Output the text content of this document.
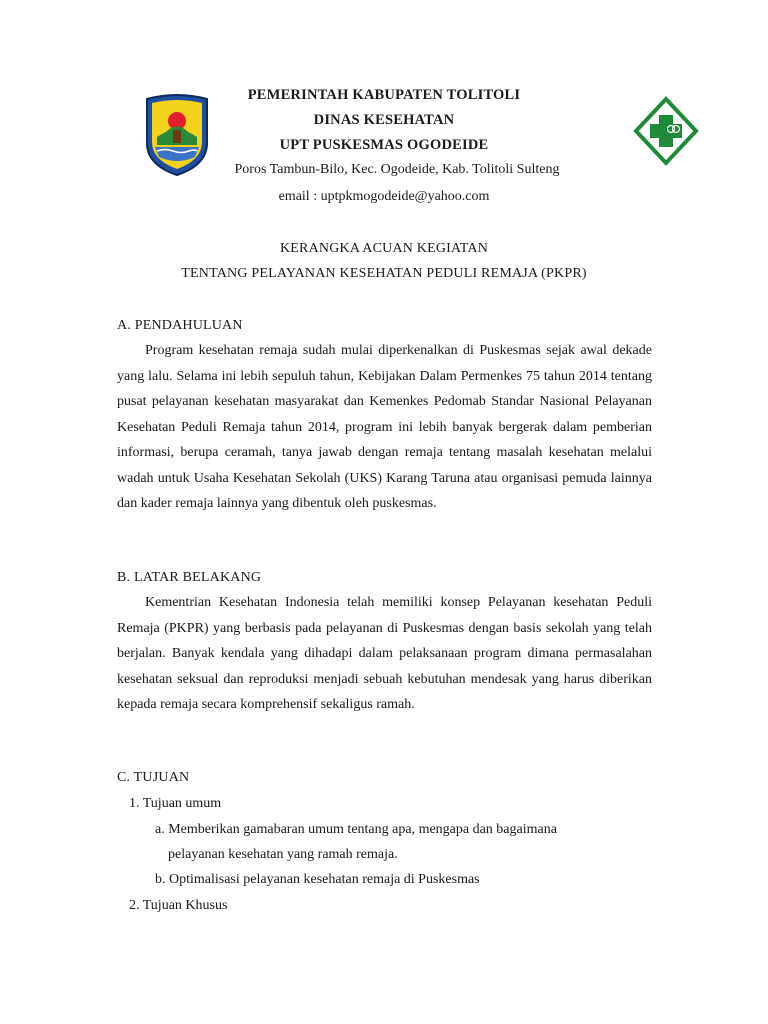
PEMERINTAH KABUPATEN TOLITOLI
DINAS KESEHATAN
UPT PUSKESMAS OGODEIDE
Poros Tambun-Bilo, Kec. Ogodeide, Kab. Tolitoli Sulteng
email : uptpkmogodeide@yahoo.com
KERANGKA ACUAN KEGIATAN
TENTANG PELAYANAN KESEHATAN PEDULI REMAJA (PKPR)
A. PENDAHULUAN

Program kesehatan remaja sudah mulai diperkenalkan di Puskesmas sejak awal dekade yang lalu. Selama ini lebih sepuluh tahun, Kebijakan Dalam Permenkes 75 tahun 2014 tentang pusat pelayanan kesehatan masyarakat dan Kemenkes Pedomab Standar Nasional Pelayanan Kesehatan Peduli Remaja tahun 2014, program ini lebih banyak bergerak dalam pemberian informasi, berupa ceramah, tanya jawab dengan remaja tentang masalah kesehatan melalui wadah untuk Usaha Kesehatan Sekolah (UKS) Karang Taruna atau organisasi pemuda lainnya dan kader remaja lainnya yang dibentuk oleh puskesmas.

B. LATAR BELAKANG

Kementrian Kesehatan Indonesia telah memiliki konsep Pelayanan kesehatan Peduli Remaja (PKPR) yang berbasis pada pelayanan di Puskesmas dengan basis sekolah yang telah berjalan. Banyak kendala yang dihadapi dalam pelaksanaan program dimana permasalahan kesehatan seksual dan reproduksi menjadi sebuah kebutuhan mendesak yang harus diberikan kepada remaja secara komprehensif sekaligus ramah.

C. TUJUAN
1. Tujuan umum
a. Memberikan gamabaran umum tentang apa, mengapa dan bagaimana
pelayanan kesehatan yang ramah remaja.
b. Optimalisasi pelayanan kesehatan remaja di Puskesmas
2. Tujuan Khusus
